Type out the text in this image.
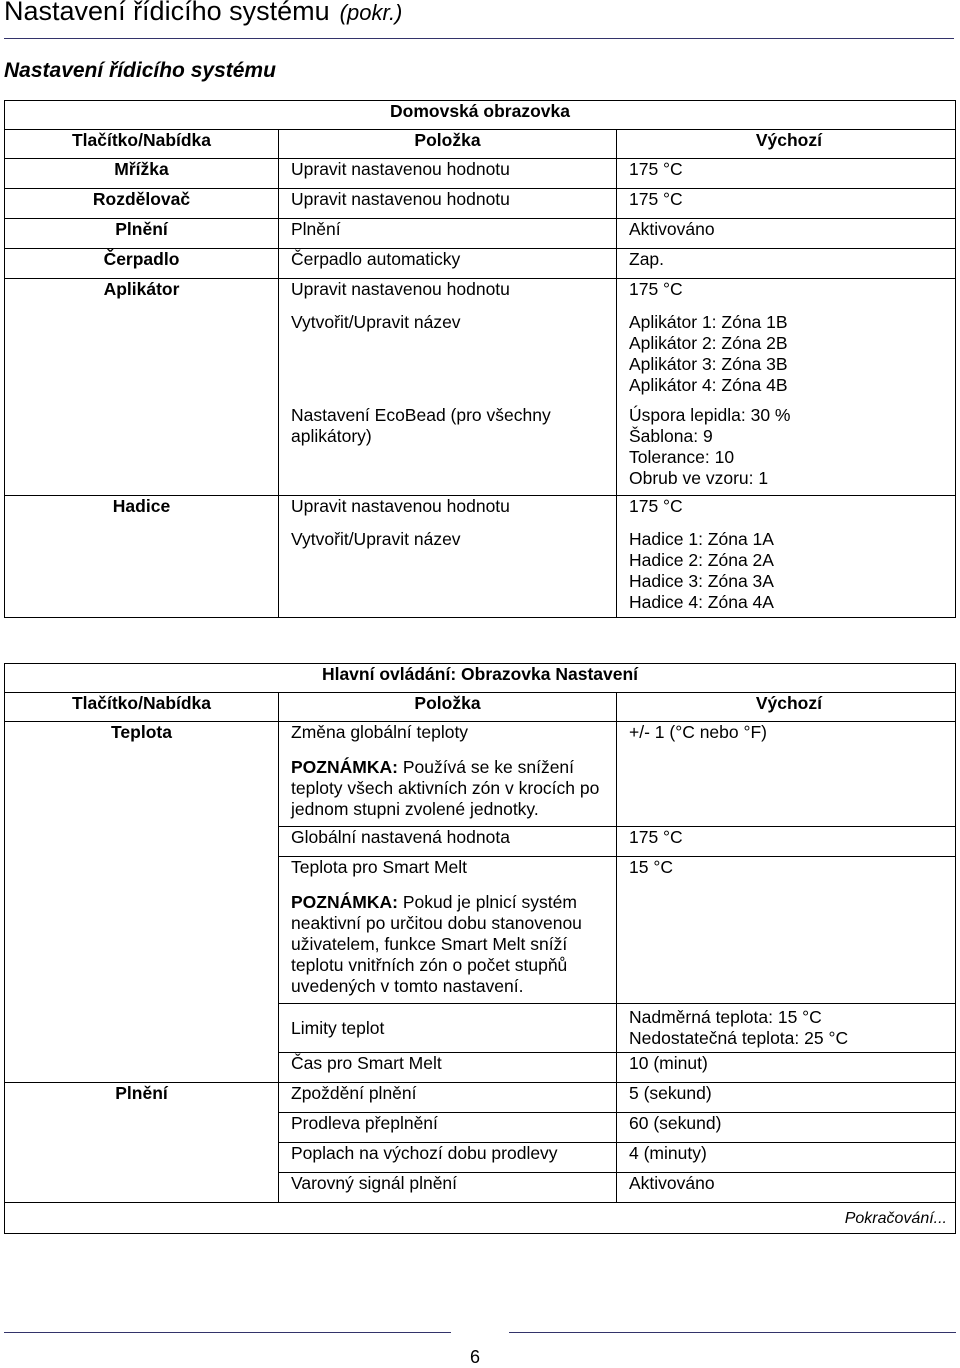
Nastavení řídicího systému (pokr.)
Nastavení řídicího systému
Domovská obrazovka		
Tlačítko/Nabídka	Položka	Výchozí
Mřížka	Upravit nastavenou hodnotu	175 °C
Rozdělovač	Upravit nastavenou hodnotu	175 °C
Plnění	Plnění	Aktivováno
Čerpadlo	Čerpadlo automaticky	Zap.
Aplikátor	Upravit nastavenou hodnotu	175 °C
	Vytvořit/Upravit název	Aplikátor 1: Zóna 1B
Aplikátor 2: Zóna 2B
Aplikátor 3: Zóna 3B
Aplikátor 4: Zóna 4B

	Nastavení EcoBead (pro všechny aplikátory)	Úspora lepidla: 30 %
Šablona: 9
Tolerance: 10
Obrub ve vzoru: 1

Hadice	Upravit nastavenou hodnotu	175 °C
	Vytvořit/Upravit název	Hadice 1: Zóna 1A
Hadice 2: Zóna 2A
Hadice 3: Zóna 3A
Hadice 4: Zóna 4A
Hlavní ovládání: Obrazovka Nastavení		
Tlačítko/Nabídka	Položka	Výchozí
Teplota	Změna globální teploty	+/- 1 (°C nebo °F)
	POZNÁMKA: Používá se ke snížení teploty všech aktivních zón v krocích po jednom stupni zvolené jednotky.	
	Globální nastavená hodnota	175 °C
	Teplota pro Smart Melt	15 °C
	POZNÁMKA: Pokud je plnicí systém neaktivní po určitou dobu stanovenou uživatelem, funkce Smart Melt sníží teplotu vnitřních zón o počet stupňů uvedených v tomto nastavení.	
	Limity teplot	Nadměrná teplota: 15 °C
Nedostatečná teplota: 25 °C

	Čas pro Smart Melt	10 (minut)
Plnění	Zpoždění plnění	5 (sekund)
	Prodleva přeplnění	60 (sekund)
	Poplach na výchozí dobu prodlevy	4 (minuty)
	Varovný signál plnění	Aktivováno
Pokračování...		
6
